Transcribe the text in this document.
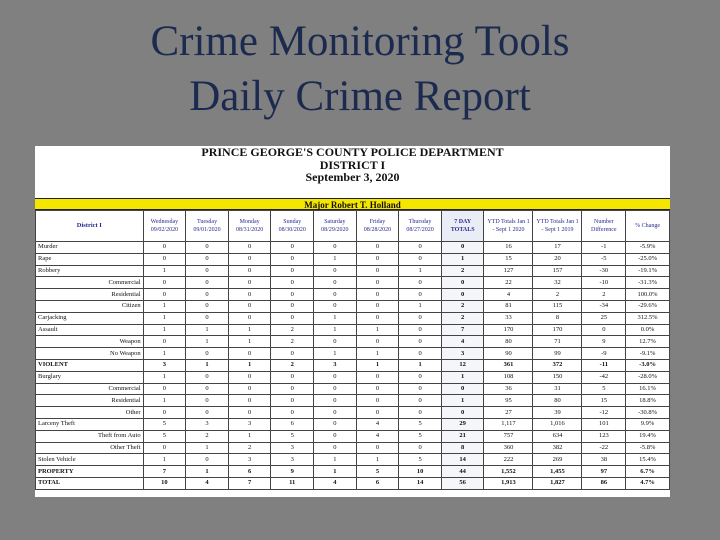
Crime Monitoring Tools
Daily Crime Report
PRINCE GEORGE'S COUNTY POLICE DEPARTMENT
DISTRICT I
September 3, 2020
Major Robert T. Holland
District I	Wednesday 09/02/2020	Tuesday 09/01/2020	Monday 08/31/2020	Sunday 08/30/2020	Saturday 08/29/2020	Friday 08/28/2020	Thursday 08/27/2020	7 DAY TOTALS	YTD Totals Jan 1 - Sept 1 2020	YTD Totals Jan 1 - Sept 1 2019	Number Difference	% Change
Murder	0	0	0	0	0	0	0	0	16	17	-1	-5.9%
Rape	0	0	0	0	1	0	0	1	15	20	-5	-25.0%
Robbery	1	0	0	0	0	0	1	2	127	157	-30	-19.1%
Commercial	0	0	0	0	0	0	0	0	22	32	-10	-31.3%
Residential	0	0	0	0	0	0	0	0	4	2	2	100.0%
Citizen	1	0	0	0	0	0	1	2	81	115	-34	-29.6%
Carjacking	1	0	0	0	1	0	0	2	33	8	25	312.5%
Assault	1	1	1	2	1	1	0	7	170	170	0	0.0%
Weapon	0	1	1	2	0	0	0	4	80	71	9	12.7%
No Weapon	1	0	0	0	1	1	0	3	90	99	-9	-9.1%
VIOLENT	3	1	1	2	3	1	1	12	361	372	-11	-3.0%
Burglary	1	0	0	0	0	0	0	1	108	150	-42	-28.0%
Commercial	0	0	0	0	0	0	0	0	36	31	5	16.1%
Residential	1	0	0	0	0	0	0	1	95	80	15	18.8%
Other	0	0	0	0	0	0	0	0	27	39	-12	-30.8%
Larceny Theft	5	3	3	6	0	4	5	29	1,117	1,016	101	9.9%
Theft from Auto	5	2	1	5	0	4	5	21	757	634	123	19.4%
Other Theft	0	1	2	3	0	0	0	8	360	382	-22	-5.8%
Stolen Vehicle	1	0	3	3	1	1	5	14	222	269	38	15.4%
PROPERTY	7	1	6	9	1	5	10	44	1,552	1,455	97	6.7%
TOTAL	10	4	7	11	4	6	14	56	1,913	1,827	86	4.7%
